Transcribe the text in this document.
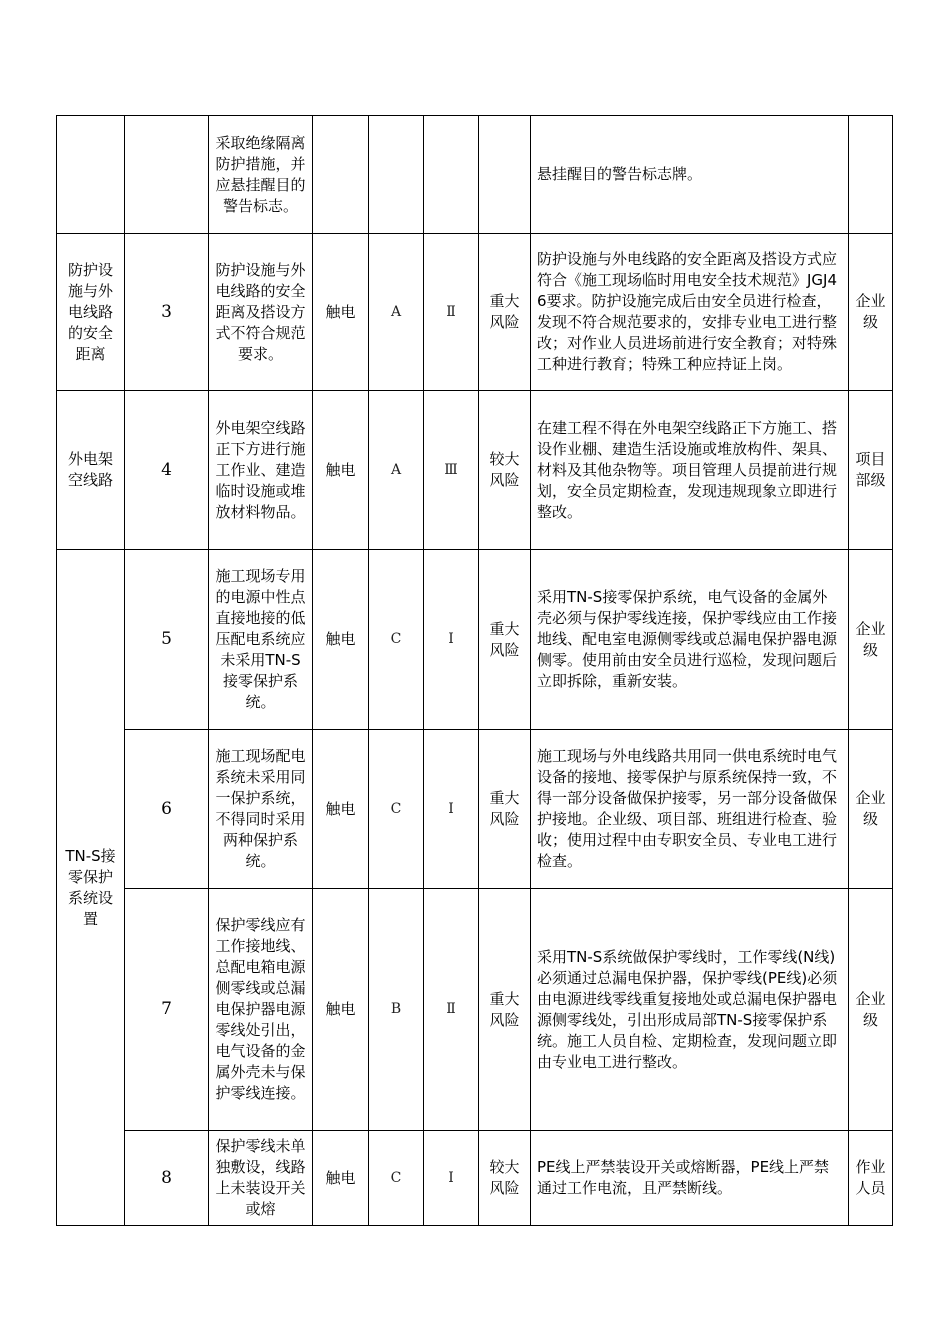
		采取绝缘隔离防护措施，并应悬挂醒目的警告标志。					悬挂醒目的警告标志牌。	
防护设施与外电线路的安全距离	3	防护设施与外电线路的安全距离及搭设方式不符合规范要求。	触电	A	Ⅱ	重大风险	防护设施与外电线路的安全距离及搭设方式应符合《施工现场临时用电安全技术规范》JGJ46要求。防护设施完成后由安全员进行检查，发现不符合规范要求的，安排专业电工进行整改；对作业人员进场前进行安全教育；对特殊工种进行教育；特殊工种应持证上岗。	企业级
外电架空线路	4	外电架空线路正下方进行施工作业、建造临时设施或堆放材料物品。	触电	A	Ⅲ	较大风险	在建工程不得在外电架空线路正下方施工、搭设作业棚、建造生活设施或堆放构件、架具、材料及其他杂物等。项目管理人员提前进行规划，安全员定期检查，发现违规现象立即进行整改。	项目部级
TN-S接零保护系统设置	5	施工现场专用的电源中性点直接地接的低压配电系统应未采用TN-S接零保护系统。	触电	C	Ⅰ	重大风险	采用TN-S接零保护系统，电气设备的金属外壳必须与保护零线连接，保护零线应由工作接地线、配电室电源侧零线或总漏电保护器电源侧零。使用前由安全员进行巡检，发现问题后立即拆除，重新安装。	企业级
	6	施工现场配电系统未采用同一保护系统，不得同时采用两种保护系统。	触电	C	Ⅰ	重大风险	施工现场与外电线路共用同一供电系统时电气设备的接地、接零保护与原系统保持一致，不得一部分设备做保护接零，另一部分设备做保护接地。企业级、项目部、班组进行检查、验收；使用过程中由专职安全员、专业电工进行检查。	企业级
	7	保护零线应有工作接地线、总配电箱电源侧零线或总漏电保护器电源零线处引出，电气设备的金属外壳未与保护零线连接。	触电	B	Ⅱ	重大风险	采用TN-S系统做保护零线时，工作零线(N线)必须通过总漏电保护器，保护零线(PE线)必须由电源进线零线重复接地处或总漏电保护器电源侧零线处，引出形成局部TN-S接零保护系统。施工人员自检、定期检查，发现问题立即由专业电工进行整改。	企业级
	8	保护零线未单独敷设，线路上未装设开关或熔	触电	C	Ⅰ	较大风险	PE线上严禁装设开关或熔断器，PE线上严禁通过工作电流，且严禁断线。	作业人员
